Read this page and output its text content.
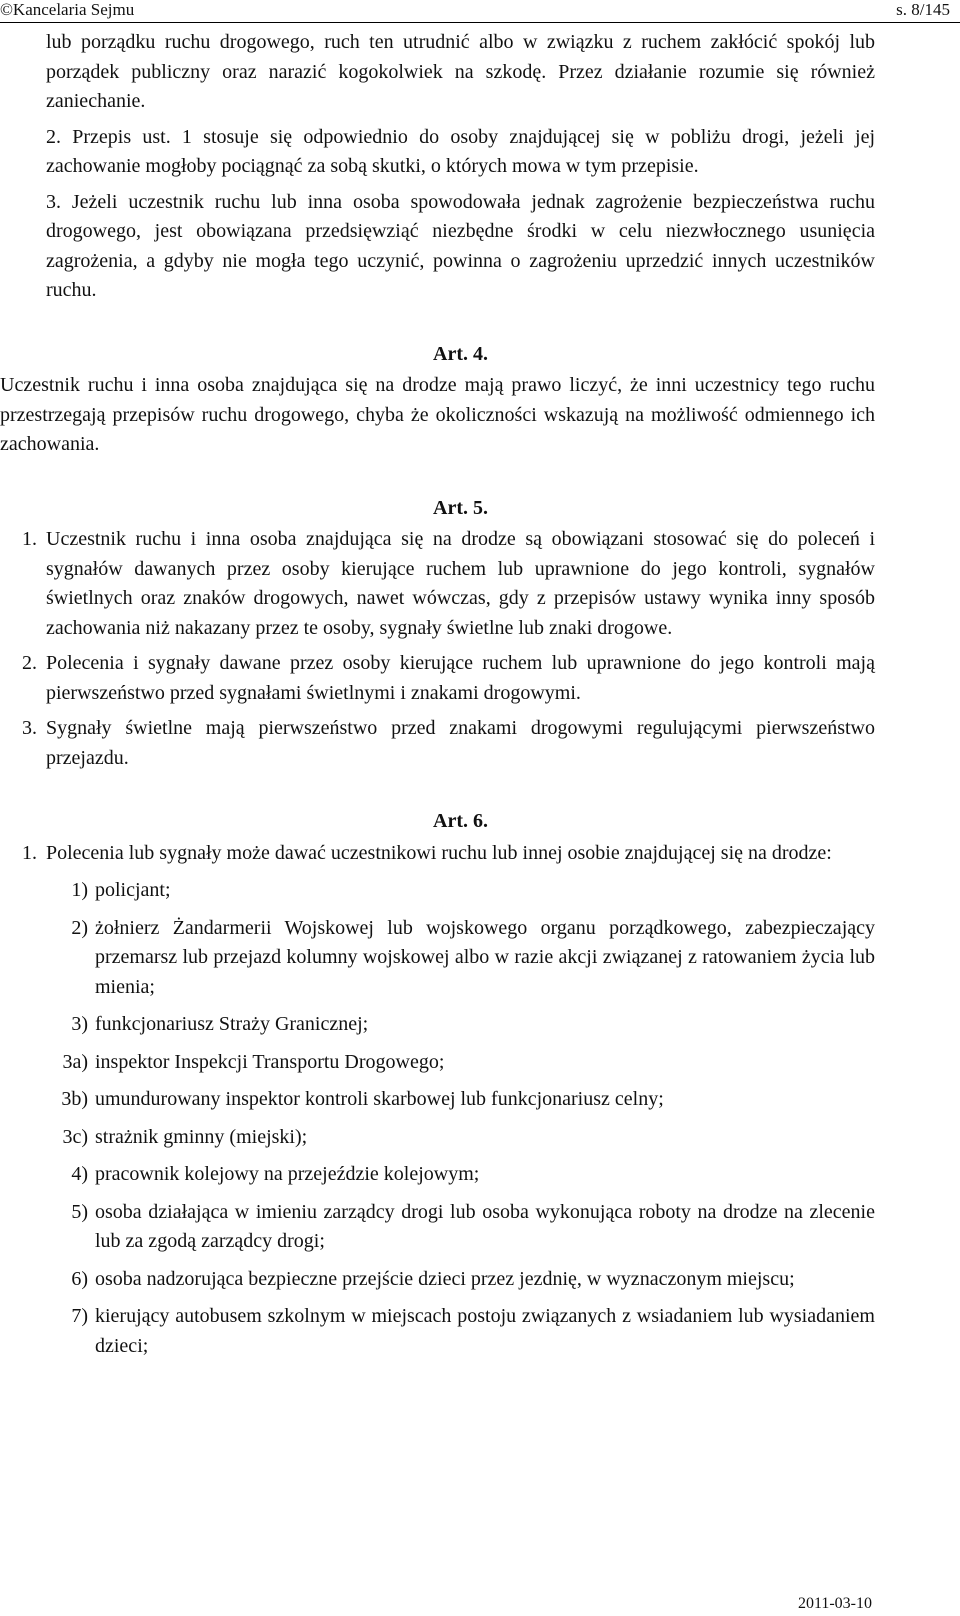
©Kancelaria Sejmu	s. 8/145

lub porządku ruchu drogowego, ruch ten utrudnić albo w związku z ruchem zakłócić spokój lub porządek publiczny oraz narazić kogokolwiek na szkodę. Przez działanie rozumie się również zaniechanie.

2. Przepis ust. 1 stosuje się odpowiednio do osoby znajdującej się w pobliżu drogi, jeżeli jej zachowanie mogłoby pociągnąć za sobą skutki, o których mowa w tym przepisie.

3. Jeżeli uczestnik ruchu lub inna osoba spowodowała jednak zagrożenie bezpieczeństwa ruchu drogowego, jest obowiązana przedsięwziąć niezbędne środki w celu niezwłocznego usunięcia zagrożenia, a gdyby nie mogła tego uczynić, powinna o zagrożeniu uprzedzić innych uczestników ruchu.

Art. 4.

Uczestnik ruchu i inna osoba znajdująca się na drodze mają prawo liczyć, że inni uczestnicy tego ruchu przestrzegają przepisów ruchu drogowego, chyba że okoliczności wskazują na możliwość odmiennego ich zachowania.

Art. 5.
1. Uczestnik ruchu i inna osoba znajdująca się na drodze są obowiązani stosować się do poleceń i sygnałów dawanych przez osoby kierujące ruchem lub uprawnione do jego kontroli, sygnałów świetlnych oraz znaków drogowych, nawet wówczas, gdy z przepisów ustawy wynika inny sposób zachowania niż nakazany przez te osoby, sygnały świetlne lub znaki drogowe.
2. Polecenia i sygnały dawane przez osoby kierujące ruchem lub uprawnione do jego kontroli mają pierwszeństwo przed sygnałami świetlnymi i znakami drogowymi.
3. Sygnały świetlne mają pierwszeństwo przed znakami drogowymi regulującymi pierwszeństwo przejazdu.
Art. 6.
1. Polecenia lub sygnały może dawać uczestnikowi ruchu lub innej osobie znajdującej się na drodze:
1) policjant;
2) żołnierz Żandarmerii Wojskowej lub wojskowego organu porządkowego, zabezpieczający przemarsz lub przejazd kolumny wojskowej albo w razie akcji związanej z ratowaniem życia lub mienia;
3) funkcjonariusz Straży Granicznej;
3a) inspektor Inspekcji Transportu Drogowego;
3b) umundurowany inspektor kontroli skarbowej lub funkcjonariusz celny;
3c) strażnik gminny (miejski);
4) pracownik kolejowy na przejeździe kolejowym;
5) osoba działająca w imieniu zarządcy drogi lub osoba wykonująca roboty na drodze na zlecenie lub za zgodą zarządcy drogi;
6) osoba nadzorująca bezpieczne przejście dzieci przez jezdnię, w wyznaczonym miejscu;
7) kierujący autobusem szkolnym w miejscach postoju związanych z wsiadaniem lub wysiadaniem dzieci;
2011-03-10
